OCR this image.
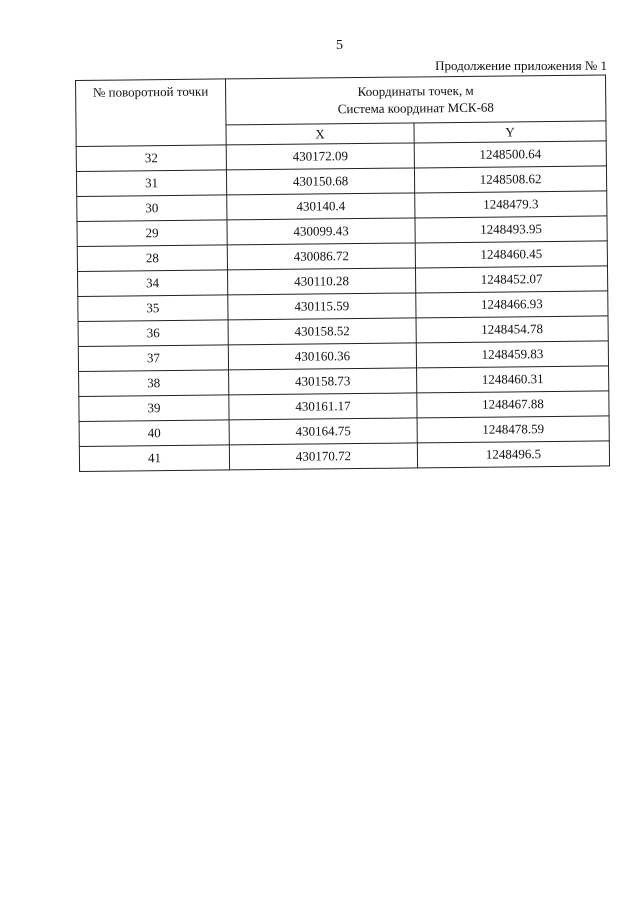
5
Продолжение приложения № 1
№ поворотной точки	Координаты точек, м
Система координат МСК-68	

	X	Y
32	430172.09	1248500.64
31	430150.68	1248508.62
30	430140.4	1248479.3
29	430099.43	1248493.95
28	430086.72	1248460.45
34	430110.28	1248452.07
35	430115.59	1248466.93
36	430158.52	1248454.78
37	430160.36	1248459.83
38	430158.73	1248460.31
39	430161.17	1248467.88
40	430164.75	1248478.59
41	430170.72	1248496.5
